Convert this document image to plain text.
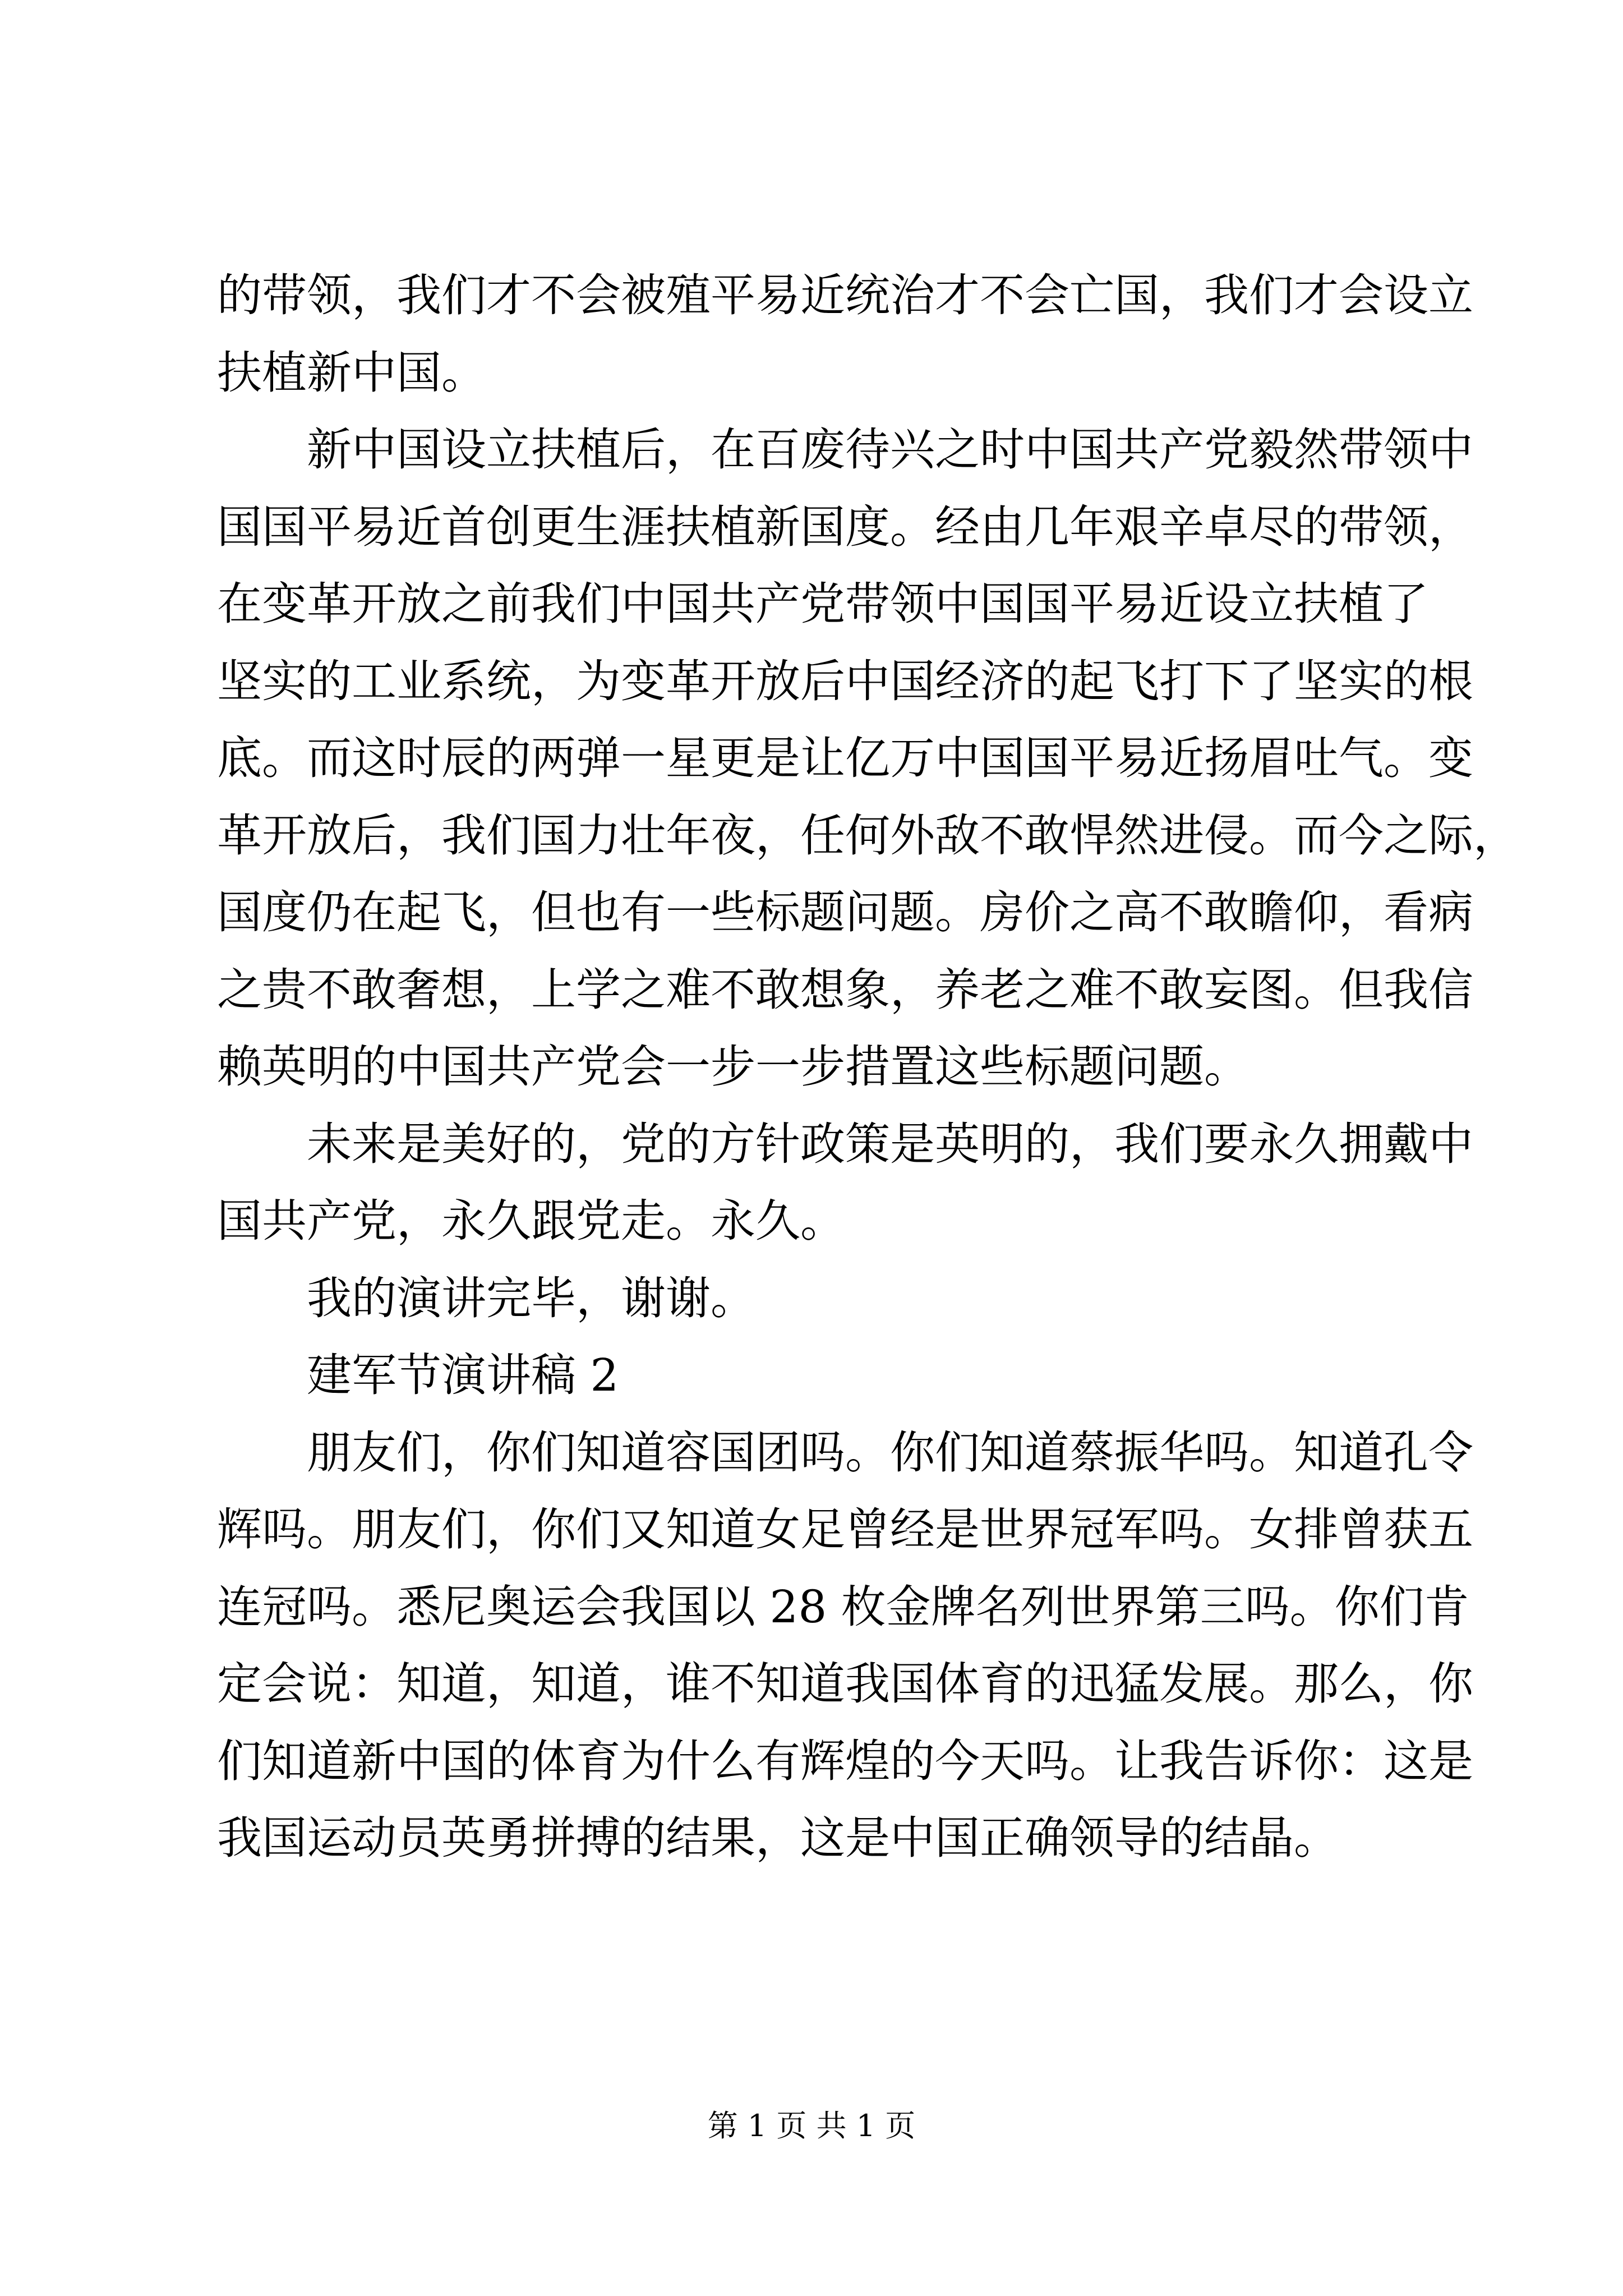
的带领，我们才不会被殖平易近统治才不会亡国，我们才会设立
扶植新中国。
新中国设立扶植后，在百废待兴之时中国共产党毅然带领中
国国平易近首创更生涯扶植新国度。经由几年艰辛卓尽的带领，
在变革开放之前我们中国共产党带领中国国平易近设立扶植了
坚实的工业系统，为变革开放后中国经济的起飞打下了坚实的根
底。而这时辰的两弹一星更是让亿万中国国平易近扬眉吐气。变
革开放后，我们国力壮年夜，任何外敌不敢悍然进侵。而今之际，
国度仍在起飞，但也有一些标题问题。房价之高不敢瞻仰，看病
之贵不敢奢想，上学之难不敢想象，养老之难不敢妄图。但我信
赖英明的中国共产党会一步一步措置这些标题问题。
未来是美好的，党的方针政策是英明的，我们要永久拥戴中
国共产党，永久跟党走。永久。
我的演讲完毕，谢谢。
建军节演讲稿 2
朋友们，你们知道容国团吗。你们知道蔡振华吗。知道孔令
辉吗。朋友们，你们又知道女足曾经是世界冠军吗。女排曾获五
连冠吗。悉尼奥运会我国以 28 枚金牌名列世界第三吗。你们肯
定会说：知道，知道，谁不知道我国体育的迅猛发展。那么，你
们知道新中国的体育为什么有辉煌的今天吗。让我告诉你：这是
我国运动员英勇拼搏的结果，这是中国正确领导的结晶。
第 1 页 共 1 页
